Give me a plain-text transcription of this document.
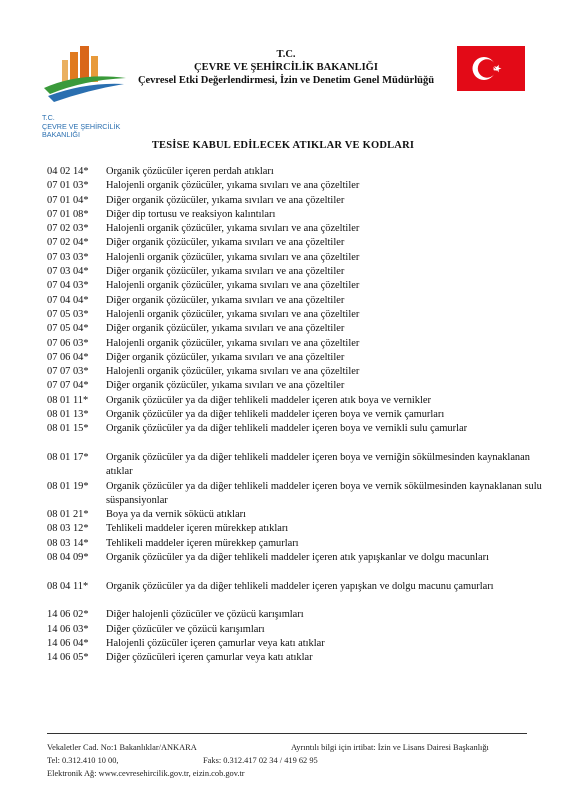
T.C.
ÇEVRE VE ŞEHİRCİLİK
BAKANLIĞI
T.C.
ÇEVRE VE ŞEHİRCİLİK BAKANLIĞI
Çevresel Etki Değerlendirmesi, İzin ve Denetim Genel Müdürlüğü
TESİSE KABUL EDİLECEK ATIKLAR VE KODLARI
04 02 14*	Organik çözücüler içeren perdah atıkları
07 01 03*	Halojenli organik çözücüler, yıkama sıvıları ve ana çözeltiler
07 01 04*	Diğer organik çözücüler, yıkama sıvıları ve ana çözeltiler
07 01 08*	Diğer dip tortusu ve reaksiyon kalıntıları
07 02 03*	Halojenli organik çözücüler, yıkama sıvıları ve ana çözeltiler
07 02 04*	Diğer organik çözücüler, yıkama sıvıları ve ana çözeltiler
07 03 03*	Halojenli organik çözücüler, yıkama sıvıları ve ana çözeltiler
07 03 04*	Diğer organik çözücüler, yıkama sıvıları ve ana çözeltiler
07 04 03*	Halojenli organik çözücüler, yıkama sıvıları ve ana çözeltiler
07 04 04*	Diğer organik çözücüler, yıkama sıvıları ve ana çözeltiler
07 05 03*	Halojenli organik çözücüler, yıkama sıvıları ve ana çözeltiler
07 05 04*	Diğer organik çözücüler, yıkama sıvıları ve ana çözeltiler
07 06 03*	Halojenli organik çözücüler, yıkama sıvıları ve ana çözeltiler
07 06 04*	Diğer organik çözücüler, yıkama sıvıları ve ana çözeltiler
07 07 03*	Halojenli organik çözücüler, yıkama sıvıları ve ana çözeltiler
07 07 04*	Diğer organik çözücüler, yıkama sıvıları ve ana çözeltiler
08 01 11*	Organik çözücüler ya da diğer tehlikeli maddeler içeren atık boya ve vernikler
08 01 13*	Organik çözücüler ya da diğer tehlikeli maddeler içeren boya ve vernik çamurları
08 01 15*	Organik çözücüler ya da diğer tehlikeli maddeler içeren boya ve vernikli sulu çamurlar
08 01 17*	Organik çözücüler ya da diğer tehlikeli maddeler içeren boya ve verniğin sökülmesinden kaynaklanan atıklar
08 01 19*	Organik çözücüler ya da diğer tehlikeli maddeler içeren boya ve vernik sökülmesinden kaynaklanan sulu süspansiyonlar
08 01 21*	Boya ya da vernik sökücü atıkları
08 03 12*	Tehlikeli maddeler içeren mürekkep atıkları
08 03 14*	Tehlikeli maddeler içeren mürekkep çamurları
08 04 09*	Organik çözücüler ya da diğer tehlikeli maddeler içeren atık yapışkanlar ve dolgu macunları
08 04 11*	Organik çözücüler ya da diğer tehlikeli maddeler içeren yapışkan ve dolgu macunu çamurları
14 06 02*	Diğer halojenli çözücüler ve çözücü karışımları
14 06 03*	Diğer çözücüler ve çözücü karışımları
14 06 04*	Halojenli çözücüler içeren çamurlar veya katı atıklar
14 06 05*	Diğer çözücüleri içeren çamurlar veya katı atıklar
Vekaletler Cad. No:1 Bakanlıklar/ANKARA	Ayrıntılı bilgi için irtibat: İzin ve Lisans Dairesi Başkanlığı
Tel: 0.312.410 10 00,	Faks: 0.312.417 02 34 / 419 62 95
Elektronik Ağ: www.cevresehircilik.gov.tr, eizin.cob.gov.tr
